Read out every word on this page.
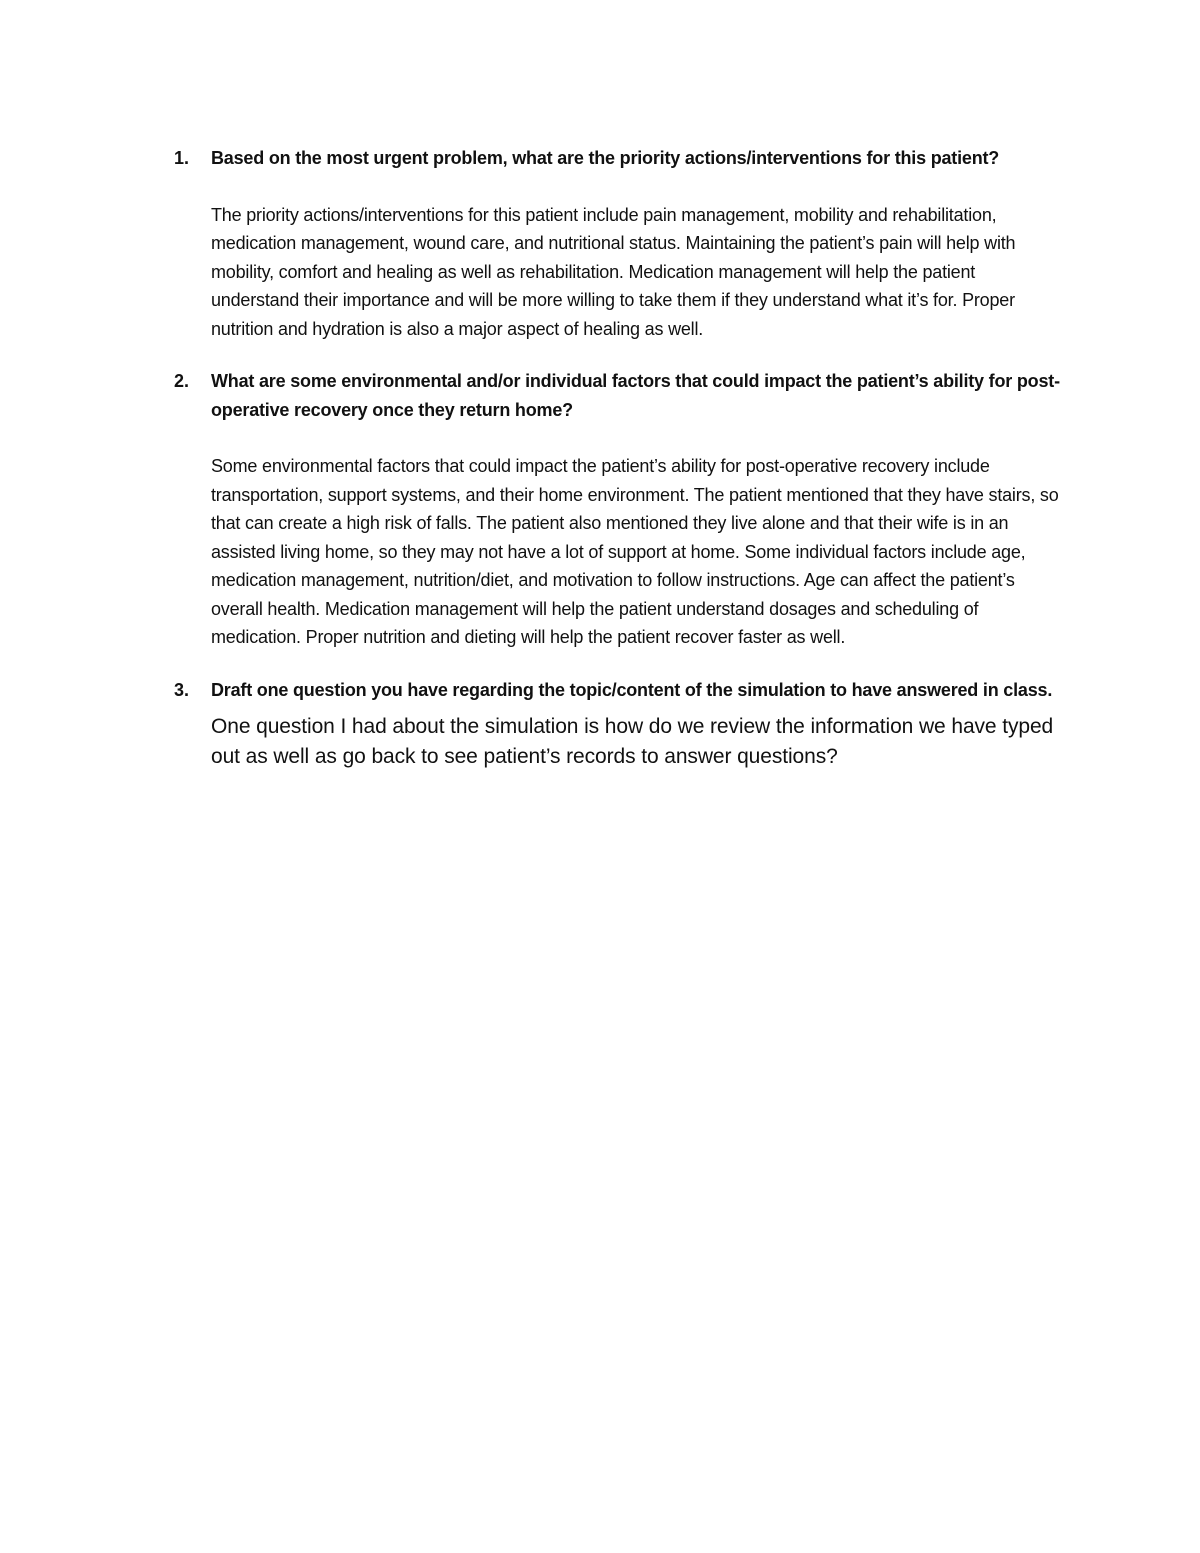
1. Based on the most urgent problem, what are the priority actions/interventions for this patient?

The priority actions/interventions for this patient include pain management, mobility and rehabilitation, medication management, wound care, and nutritional status. Maintaining the patient’s pain will help with mobility, comfort and healing as well as rehabilitation. Medication management will help the patient understand their importance and will be more willing to take them if they understand what it’s for. Proper nutrition and hydration is also a major aspect of healing as well.

2. What are some environmental and/or individual factors that could impact the patient’s ability for post-operative recovery once they return home?

Some environmental factors that could impact the patient’s ability for post-operative recovery include transportation, support systems, and their home environment. The patient mentioned that they have stairs, so that can create a high risk of falls. The patient also mentioned they live alone and that their wife is in an assisted living home, so they may not have a lot of support at home. Some individual factors include age, medication management, nutrition/diet, and motivation to follow instructions. Age can affect the patient’s overall health. Medication management will help the patient understand dosages and scheduling of medication. Proper nutrition and dieting will help the patient recover faster as well.

3. Draft one question you have regarding the topic/content of the simulation to have answered in class.

One question I had about the simulation is how do we review the information we have typed out as well as go back to see patient’s records to answer questions?
